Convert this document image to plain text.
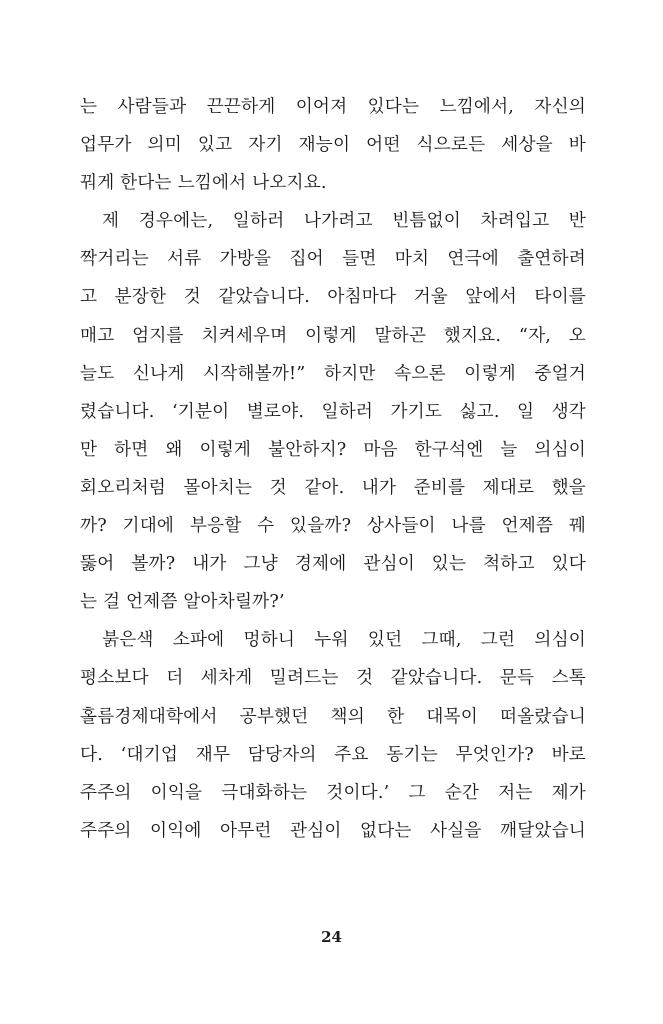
는 사람들과 끈끈하게 이어져 있다는 느낌에서, 자신의
업무가 의미 있고 자기 재능이 어떤 식으로든 세상을 바
꿔게 한다는 느낌에서 나오지요.
제 경우에는, 일하러 나가려고 빈틈없이 차려입고 반
짝거리는 서류 가방을 집어 들면 마치 연극에 출연하려
고 분장한 것 같았습니다. 아침마다 거울 앞에서 타이를
매고 엄지를 치켜세우며 이렇게 말하곤 했지요. “자, 오
늘도 신나게 시작해볼까!” 하지만 속으론 이렇게 중얼거
렸습니다. ‘기분이 별로야. 일하러 가기도 싫고. 일 생각
만 하면 왜 이렇게 불안하지? 마음 한구석엔 늘 의심이
회오리처럼 몰아치는 것 같아. 내가 준비를 제대로 했을
까? 기대에 부응할 수 있을까? 상사들이 나를 언제쯤 꿰
뚫어 볼까? 내가 그냥 경제에 관심이 있는 척하고 있다
는 걸 언제쯤 알아차릴까?’
붉은색 소파에 멍하니 누워 있던 그때, 그런 의심이
평소보다 더 세차게 밀려드는 것 같았습니다. 문득 스톡
홀름경제대학에서 공부했던 책의 한 대목이 떠올랐습니
다. ‘대기업 재무 담당자의 주요 동기는 무엇인가? 바로
주주의 이익을 극대화하는 것이다.’ 그 순간 저는 제가
주주의 이익에 아무런 관심이 없다는 사실을 깨달았습니
24
